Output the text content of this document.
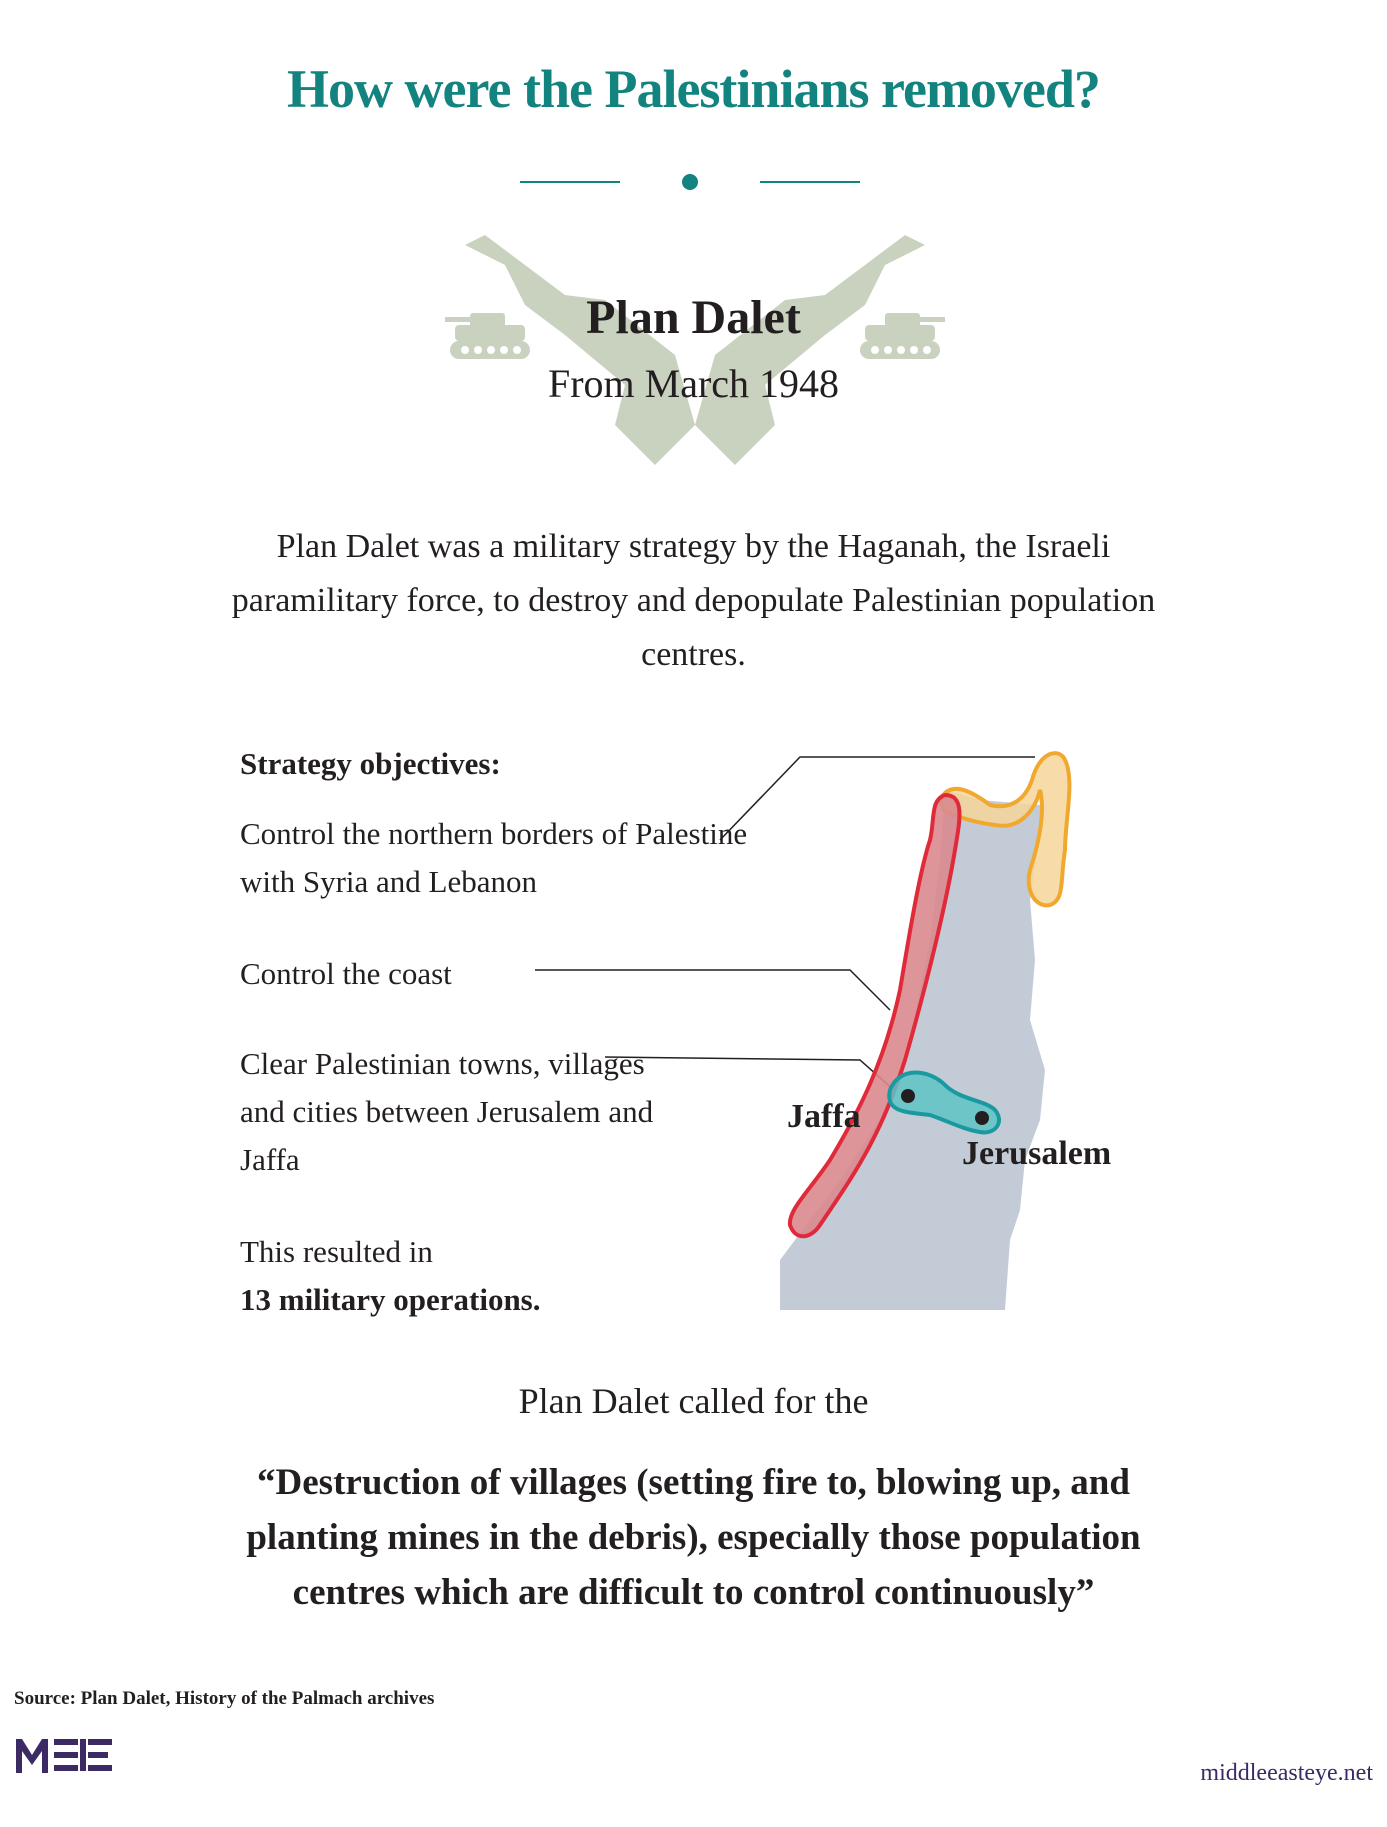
How were the Palestinians removed?
Plan Dalet
From March 1948
Plan Dalet was a military strategy by the Haganah, the Israeli paramilitary force, to destroy and depopulate Palestinian population centres.
Strategy objectives:
Control the northern borders of Palestine with Syria and Lebanon
Control the coast
Clear Palestinian towns, villages and cities between Jerusalem and Jaffa
This resulted in
13 military operations.
Jaffa
Jerusalem
Plan Dalet called for the
“Destruction of villages (setting fire to, blowing up, and planting mines in the debris), especially those population centres which are difficult to control continuously”
Source: Plan Dalet, History of the Palmach archives
middleeasteye.net
